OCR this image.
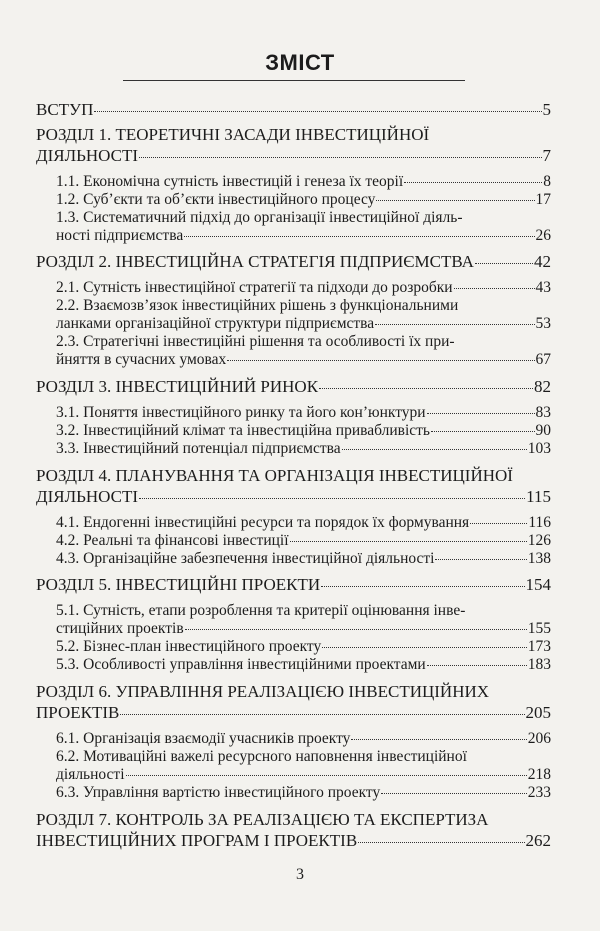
ЗМІСТ
ВСТУП	5
РОЗДІЛ 1. ТЕОРЕТИЧНІ ЗАСАДИ ІНВЕСТИЦІЙНОЇ
ДІЯЛЬНОСТІ	7
1.1. Економічна сутність інвестицій і генеза їх теорії	8
1.2. Суб’єкти та об’єкти інвестиційного процесу	17
1.3. Систематичний підхід до організації інвестиційної діяль-
ності підприємства	26
РОЗДІЛ 2. ІНВЕСТИЦІЙНА СТРАТЕГІЯ ПІДПРИЄМСТВА	42
2.1. Сутність інвестиційної стратегії та підходи до розробки	43
2.2. Взаємозв’язок інвестиційних рішень з функціональними
ланками організаційної структури підприємства	53
2.3. Стратегічні інвестиційні рішення та особливості їх при-
йняття в сучасних умовах	67
РОЗДІЛ 3. ІНВЕСТИЦІЙНИЙ РИНОК	82
3.1. Поняття інвестиційного ринку та його кон’юнктури	83
3.2. Інвестиційний клімат та інвестиційна привабливість	90
3.3. Інвестиційний потенціал підприємства	103
РОЗДІЛ 4. ПЛАНУВАННЯ ТА ОРГАНІЗАЦІЯ ІНВЕСТИЦІЙНОЇ
ДІЯЛЬНОСТІ	115
4.1. Ендогенні інвестиційні ресурси та порядок їх формування	116
4.2. Реальні та фінансові інвестиції	126
4.3. Організаційне забезпечення інвестиційної діяльності	138
РОЗДІЛ 5. ІНВЕСТИЦІЙНІ ПРОЕКТИ	154
5.1. Сутність, етапи розроблення та критерії оцінювання інве-
стиційних проектів	155
5.2. Бізнес-план інвестиційного проекту	173
5.3. Особливості управління інвестиційними проектами	183
РОЗДІЛ 6. УПРАВЛІННЯ РЕАЛІЗАЦІЄЮ ІНВЕСТИЦІЙНИХ
ПРОЕКТІВ	205
6.1. Організація взаємодії учасників проекту	206
6.2. Мотиваційні важелі ресурсного наповнення інвестиційної
діяльності	218
6.3. Управління вартістю інвестиційного проекту	233
РОЗДІЛ 7. КОНТРОЛЬ ЗА РЕАЛІЗАЦІЄЮ ТА ЕКСПЕРТИЗА
ІНВЕСТИЦІЙНИХ ПРОГРАМ І ПРОЕКТІВ	262
3
